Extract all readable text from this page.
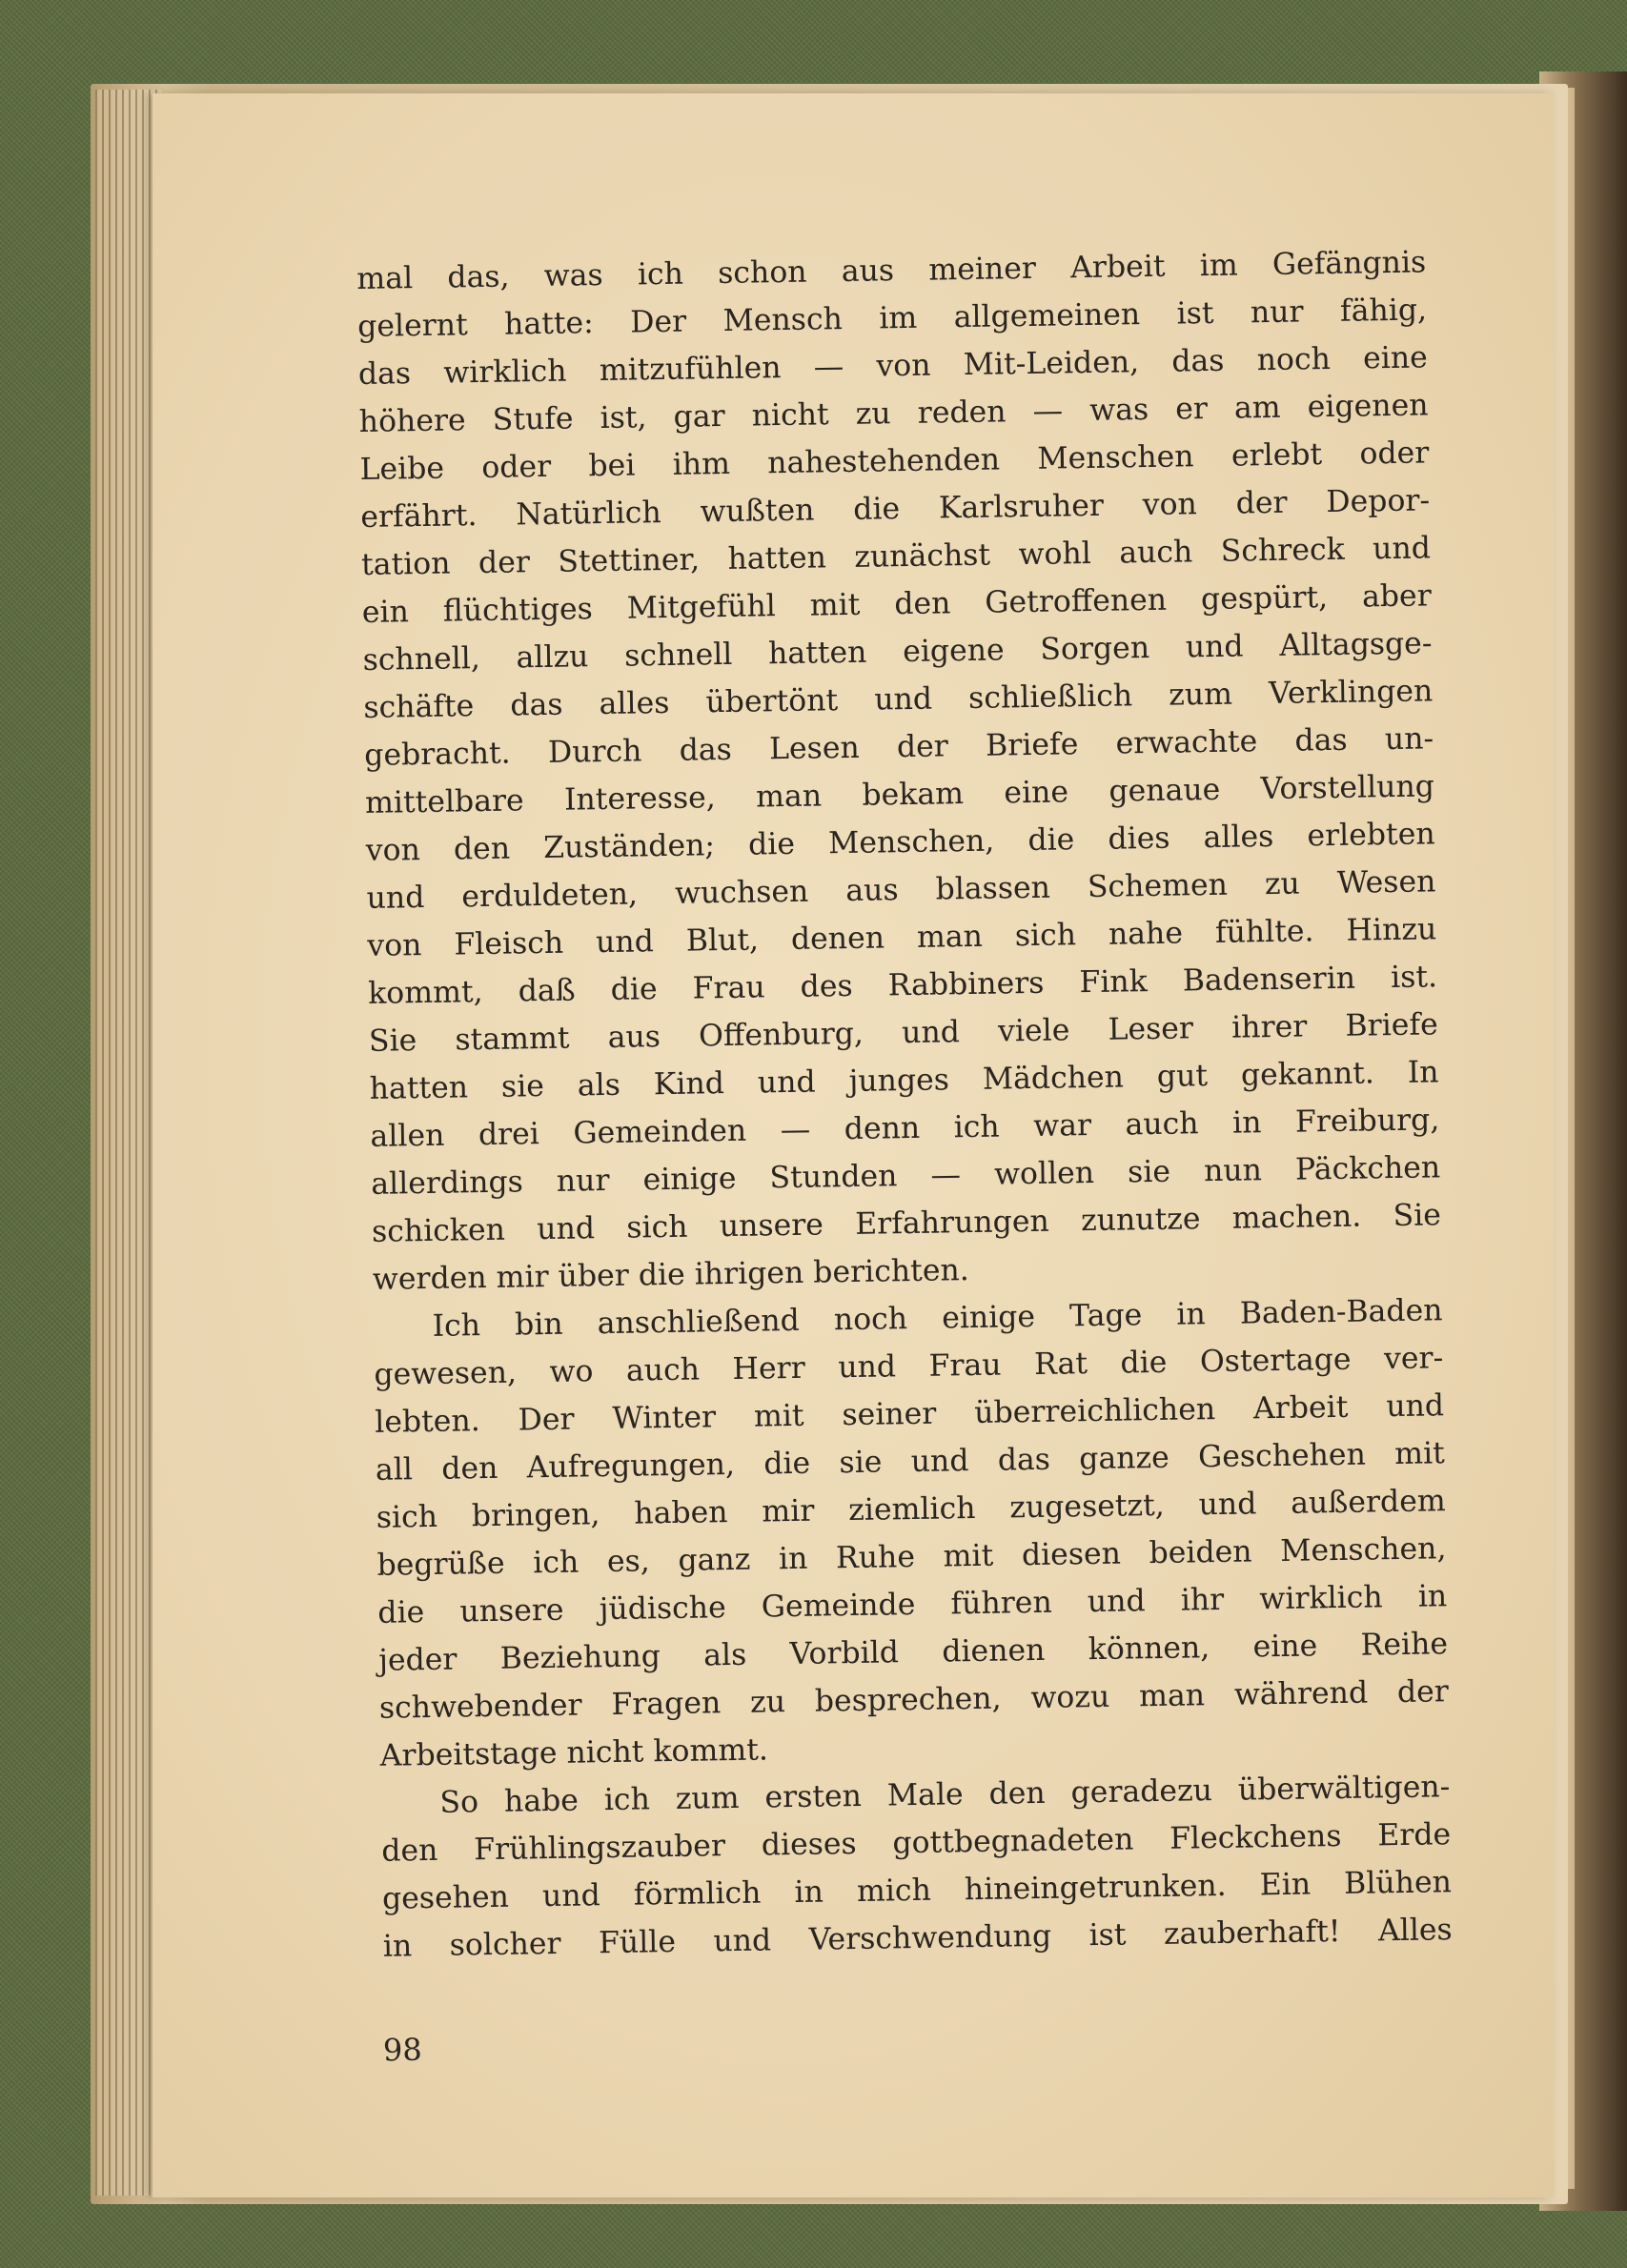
mal das, was ich schon aus meiner Arbeit im Gefängnis
gelernt hatte: Der Mensch im allgemeinen ist nur fähig,
das wirklich mitzufühlen — von Mit-Leiden, das noch eine
höhere Stufe ist, gar nicht zu reden — was er am eigenen
Leibe oder bei ihm nahestehenden Menschen erlebt oder
erfährt. Natürlich wußten die Karlsruher von der Depor-
tation der Stettiner, hatten zunächst wohl auch Schreck und
ein flüchtiges Mitgefühl mit den Getroffenen gespürt, aber
schnell, allzu schnell hatten eigene Sorgen und Alltagsge-
schäfte das alles übertönt und schließlich zum Verklingen
gebracht. Durch das Lesen der Briefe erwachte das un-
mittelbare Interesse, man bekam eine genaue Vorstellung
von den Zuständen; die Menschen, die dies alles erlebten
und erduldeten, wuchsen aus blassen Schemen zu Wesen
von Fleisch und Blut, denen man sich nahe fühlte. Hinzu
kommt, daß die Frau des Rabbiners Fink Badenserin ist.
Sie stammt aus Offenburg, und viele Leser ihrer Briefe
hatten sie als Kind und junges Mädchen gut gekannt. In
allen drei Gemeinden — denn ich war auch in Freiburg,
allerdings nur einige Stunden — wollen sie nun Päckchen
schicken und sich unsere Erfahrungen zunutze machen. Sie
werden mir über die ihrigen berichten.
Ich bin anschließend noch einige Tage in Baden-Baden
gewesen, wo auch Herr und Frau Rat die Ostertage ver-
lebten. Der Winter mit seiner überreichlichen Arbeit und
all den Aufregungen, die sie und das ganze Geschehen mit
sich bringen, haben mir ziemlich zugesetzt, und außerdem
begrüße ich es, ganz in Ruhe mit diesen beiden Menschen,
die unsere jüdische Gemeinde führen und ihr wirklich in
jeder Beziehung als Vorbild dienen können, eine Reihe
schwebender Fragen zu besprechen, wozu man während der
Arbeitstage nicht kommt.
So habe ich zum ersten Male den geradezu überwältigen-
den Frühlingszauber dieses gottbegnadeten Fleckchens Erde
gesehen und förmlich in mich hineingetrunken. Ein Blühen
in solcher Fülle und Verschwendung ist zauberhaft! Alles
98
